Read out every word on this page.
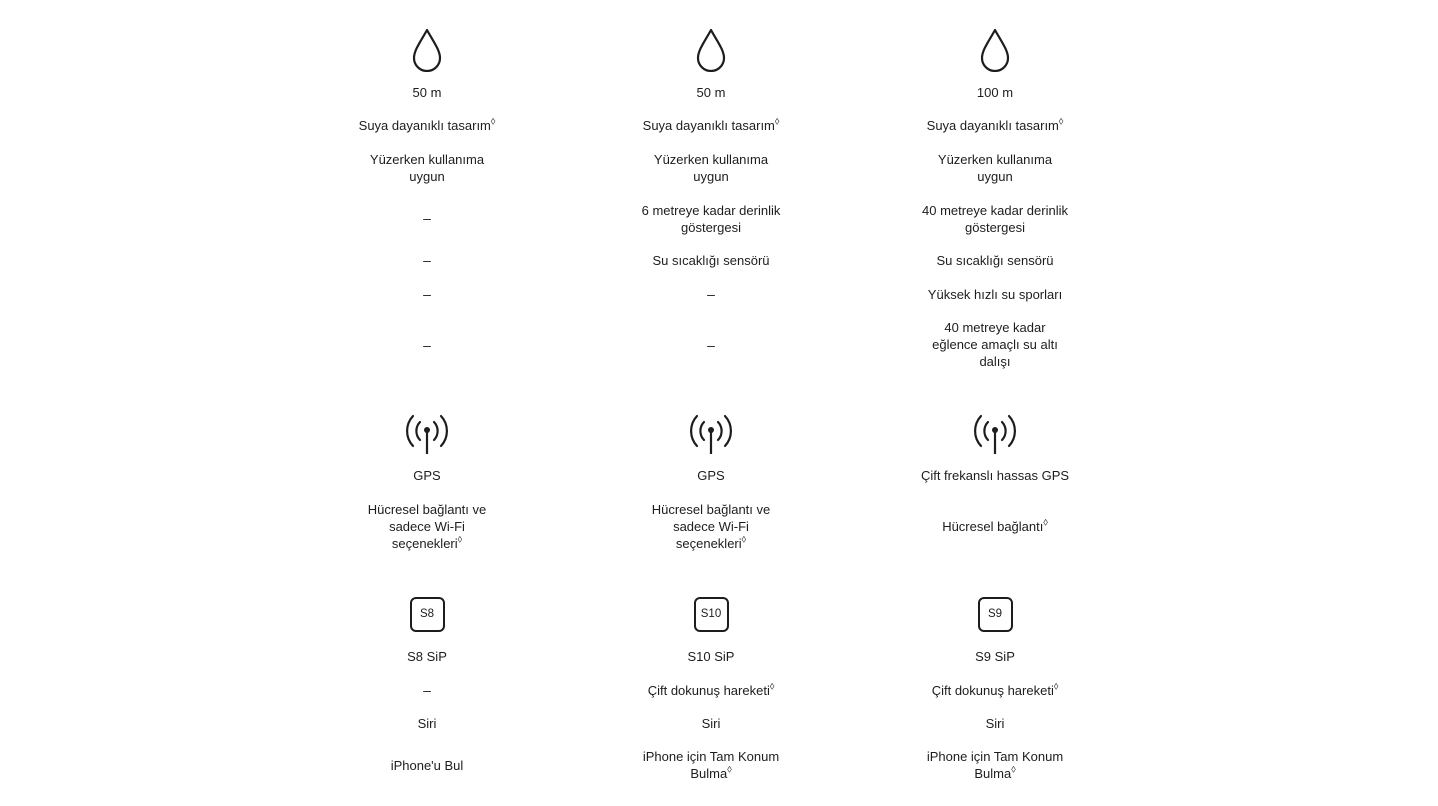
50 m
Suya dayanıklı tasarım◊
Yüzerken kullanıma uygun
–
–
–
–
GPS
Hücresel bağlantı ve sadece Wi-Fi seçenekleri◊
S8
S8 SiP
–
Siri
iPhone'u Bul
50 m
Suya dayanıklı tasarım◊
Yüzerken kullanıma uygun
6 metreye kadar derinlik göstergesi
Su sıcaklığı sensörü
–
–
GPS
Hücresel bağlantı ve sadece Wi-Fi seçenekleri◊
S10
S10 SiP
Çift dokunuş hareketi◊
Siri
iPhone için Tam Konum Bulma◊
100 m
Suya dayanıklı tasarım◊
Yüzerken kullanıma uygun
40 metreye kadar derinlik göstergesi
Su sıcaklığı sensörü
Yüksek hızlı su sporları
40 metreye kadar eğlence amaçlı su altı dalışı
Çift frekanslı hassas GPS
Hücresel bağlantı◊
S9
S9 SiP
Çift dokunuş hareketi◊
Siri
iPhone için Tam Konum Bulma◊
